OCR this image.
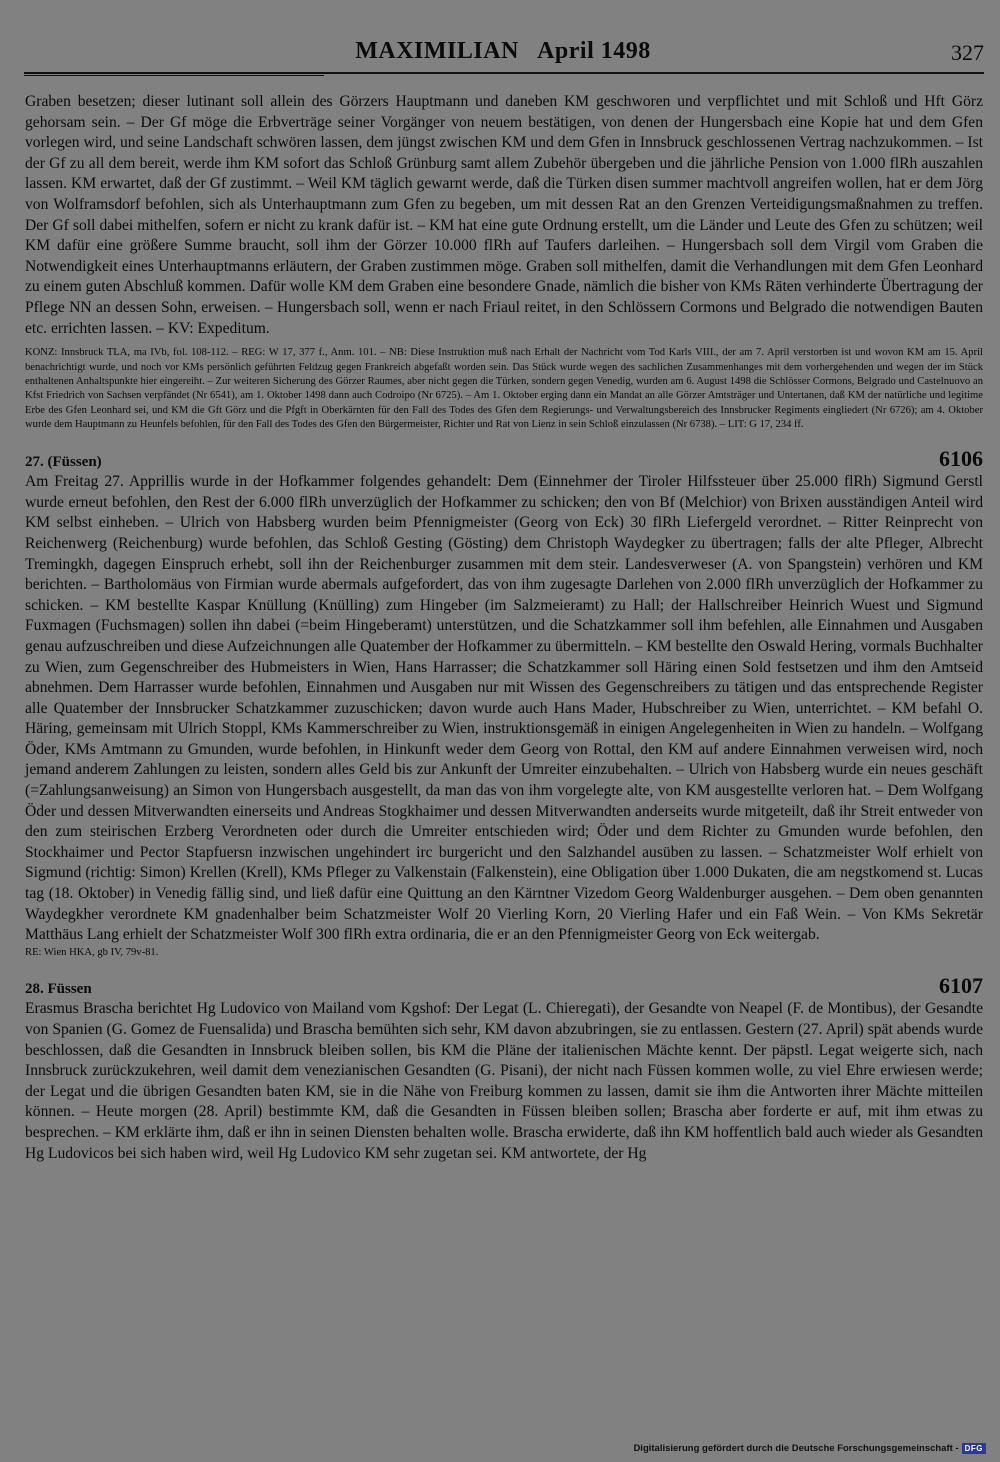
MAXIMILIAN   April 1498	327

Graben besetzen; dieser lutinant soll allein des Görzers Hauptmann und daneben KM geschworen und verpflichtet und mit Schloß und Hft Görz gehorsam sein. – Der Gf möge die Erbverträge seiner Vorgänger von neuem bestätigen, von denen der Hungersbach eine Kopie hat und dem Gfen vorlegen wird, und seine Landschaft schwören lassen, dem jüngst zwischen KM und dem Gfen in Innsbruck geschlossenen Vertrag nachzukommen. – Ist der Gf zu all dem bereit, werde ihm KM sofort das Schloß Grünburg samt allem Zubehör übergeben und die jährliche Pension von 1.000 flRh auszahlen lassen. KM erwartet, daß der Gf zustimmt. – Weil KM täglich gewarnt werde, daß die Türken disen summer machtvoll angreifen wollen, hat er dem Jörg von Wolframsdorf befohlen, sich als Unterhauptmann zum Gfen zu begeben, um mit dessen Rat an den Grenzen Verteidigungsmaßnahmen zu treffen. Der Gf soll dabei mithelfen, sofern er nicht zu krank dafür ist. – KM hat eine gute Ordnung erstellt, um die Länder und Leute des Gfen zu schützen; weil KM dafür eine größere Summe braucht, soll ihm der Görzer 10.000 flRh auf Taufers darleihen. – Hungersbach soll dem Virgil vom Graben die Notwendigkeit eines Unterhauptmanns erläutern, der Graben zustimmen möge. Graben soll mithelfen, damit die Verhandlungen mit dem Gfen Leonhard zu einem guten Abschluß kommen. Dafür wolle KM dem Graben eine besondere Gnade, nämlich die bisher von KMs Räten verhinderte Übertragung der Pflege NN an dessen Sohn, erweisen. – Hungersbach soll, wenn er nach Friaul reitet, in den Schlössern Cormons und Belgrado die notwendigen Bauten etc. errichten lassen. – KV: Expeditum.

KONZ: Innsbruck TLA, ma IVb, fol. 108-112. – REG: W 17, 377 f., Anm. 101. – NB: Diese Instruktion muß nach Erhalt der Nachricht vom Tod Karls VIII., der am 7. April verstorben ist und wovon KM am 15. April benachrichtigt wurde, und noch vor KMs persönlich geführten Feldzug gegen Frankreich abgefaßt worden sein. Das Stück wurde wegen des sachlichen Zusammenhanges mit dem vorhergehenden und wegen der im Stück enthaltenen Anhaltspunkte hier eingereiht. – Zur weiteren Sicherung des Görzer Raumes, aber nicht gegen die Türken, sondern gegen Venedig, wurden am 6. August 1498 die Schlösser Cormons, Belgrado und Castelnuovo an Kfst Friedrich von Sachsen verpfändet (Nr 6541), am 1. Oktober 1498 dann auch Codroipo (Nr 6725). – Am 1. Oktober erging dann ein Mandat an alle Görzer Amtsträger und Untertanen, daß KM der natürliche und legitime Erbe des Gfen Leonhard sei, und KM die Gft Görz und die Pfgft in Oberkärnten für den Fall des Todes des Gfen dem Regierungs- und Verwaltungsbereich des Innsbrucker Regiments eingliedert (Nr 6726); am 4. Oktober wurde dem Hauptmann zu Heunfels befohlen, für den Fall des Todes des Gfen den Bürgermeister, Richter und Rat von Lienz in sein Schloß einzulassen (Nr 6738). – LIT: G 17, 234 ff.

27. (Füssen)	6106

Am Freitag 27. Apprillis wurde in der Hofkammer folgendes gehandelt: Dem (Einnehmer der Tiroler Hilfssteuer über 25.000 flRh) Sigmund Gerstl wurde erneut befohlen, den Rest der 6.000 flRh unverzüglich der Hofkammer zu schicken; den von Bf (Melchior) von Brixen ausständigen Anteil wird KM selbst einheben. – Ulrich von Habsberg wurden beim Pfennigmeister (Georg von Eck) 30 flRh Liefergeld verordnet. – Ritter Reinprecht von Reichenwerg (Reichenburg) wurde befohlen, das Schloß Gesting (Gösting) dem Christoph Waydegker zu übertragen; falls der alte Pfleger, Albrecht Tremingkh, dagegen Einspruch erhebt, soll ihn der Reichenburger zusammen mit dem steir. Landesverweser (A. von Spangstein) verhören und KM berichten. – Bartholomäus von Firmian wurde abermals aufgefordert, das von ihm zugesagte Darlehen von 2.000 flRh unverzüglich der Hofkammer zu schicken. – KM bestellte Kaspar Knüllung (Knülling) zum Hingeber (im Salzmeieramt) zu Hall; der Hallschreiber Heinrich Wuest und Sigmund Fuxmagen (Fuchsmagen) sollen ihn dabei (=beim Hingeberamt) unterstützen, und die Schatzkammer soll ihm befehlen, alle Einnahmen und Ausgaben genau aufzuschreiben und diese Aufzeichnungen alle Quatember der Hofkammer zu übermitteln. – KM bestellte den Oswald Hering, vormals Buchhalter zu Wien, zum Gegenschreiber des Hubmeisters in Wien, Hans Harrasser; die Schatzkammer soll Häring einen Sold festsetzen und ihm den Amtseid abnehmen. Dem Harrasser wurde befohlen, Einnahmen und Ausgaben nur mit Wissen des Gegenschreibers zu tätigen und das entsprechende Register alle Quatember der Innsbrucker Schatzkammer zuzuschicken; davon wurde auch Hans Mader, Hubschreiber zu Wien, unterrichtet. – KM befahl O. Häring, gemeinsam mit Ulrich Stoppl, KMs Kammerschreiber zu Wien, instruktionsgemäß in einigen Angelegenheiten in Wien zu handeln. – Wolfgang Öder, KMs Amtmann zu Gmunden, wurde befohlen, in Hinkunft weder dem Georg von Rottal, den KM auf andere Einnahmen verweisen wird, noch jemand anderem Zahlungen zu leisten, sondern alles Geld bis zur Ankunft der Umreiter einzubehalten. – Ulrich von Habsberg wurde ein neues geschäft (=Zahlungsanweisung) an Simon von Hungersbach ausgestellt, da man das von ihm vorgelegte alte, von KM ausgestellte verloren hat. – Dem Wolfgang Öder und dessen Mitverwandten einerseits und Andreas Stogkhaimer und dessen Mitverwandten anderseits wurde mitgeteilt, daß ihr Streit entweder von den zum steirischen Erzberg Verordneten oder durch die Umreiter entschieden wird; Öder und dem Richter zu Gmunden wurde befohlen, den Stockhaimer und Pector Stapfuersn inzwischen ungehindert irc burgericht und den Salzhandel ausüben zu lassen. – Schatzmeister Wolf erhielt von Sigmund (richtig: Simon) Krellen (Krell), KMs Pfleger zu Valkenstain (Falkenstein), eine Obligation über 1.000 Dukaten, die am negstkomend st. Lucas tag (18. Oktober) in Venedig fällig sind, und ließ dafür eine Quittung an den Kärntner Vizedom Georg Waldenburger ausgehen. – Dem oben genannten Waydegkher verordnete KM gnadenhalber beim Schatzmeister Wolf 20 Vierling Korn, 20 Vierling Hafer und ein Faß Wein. – Von KMs Sekretär Matthäus Lang erhielt der Schatzmeister Wolf 300 flRh extra ordinaria, die er an den Pfennigmeister Georg von Eck weitergab.

RE: Wien HKA, gb IV, 79v-81.

28. Füssen	6107

Erasmus Brascha berichtet Hg Ludovico von Mailand vom Kgshof: Der Legat (L. Chieregati), der Gesandte von Neapel (F. de Montibus), der Gesandte von Spanien (G. Gomez de Fuensalida) und Brascha bemühten sich sehr, KM davon abzubringen, sie zu entlassen. Gestern (27. April) spät abends wurde beschlossen, daß die Gesandten in Innsbruck bleiben sollen, bis KM die Pläne der italienischen Mächte kennt. Der päpstl. Legat weigerte sich, nach Innsbruck zurückzukehren, weil damit dem venezianischen Gesandten (G. Pisani), der nicht nach Füssen kommen wolle, zu viel Ehre erwiesen werde; der Legat und die übrigen Gesandten baten KM, sie in die Nähe von Freiburg kommen zu lassen, damit sie ihm die Antworten ihrer Mächte mitteilen können. – Heute morgen (28. April) bestimmte KM, daß die Gesandten in Füssen bleiben sollen; Brascha aber forderte er auf, mit ihm etwas zu besprechen. – KM erklärte ihm, daß er ihn in seinen Diensten behalten wolle. Brascha erwiderte, daß ihn KM hoffentlich bald auch wieder als Gesandten Hg Ludovicos bei sich haben wird, weil Hg Ludovico KM sehr zugetan sei. KM antwortete, der Hg

Digitalisierung gefördert durch die Deutsche Forschungsgemeinschaft - DFG
